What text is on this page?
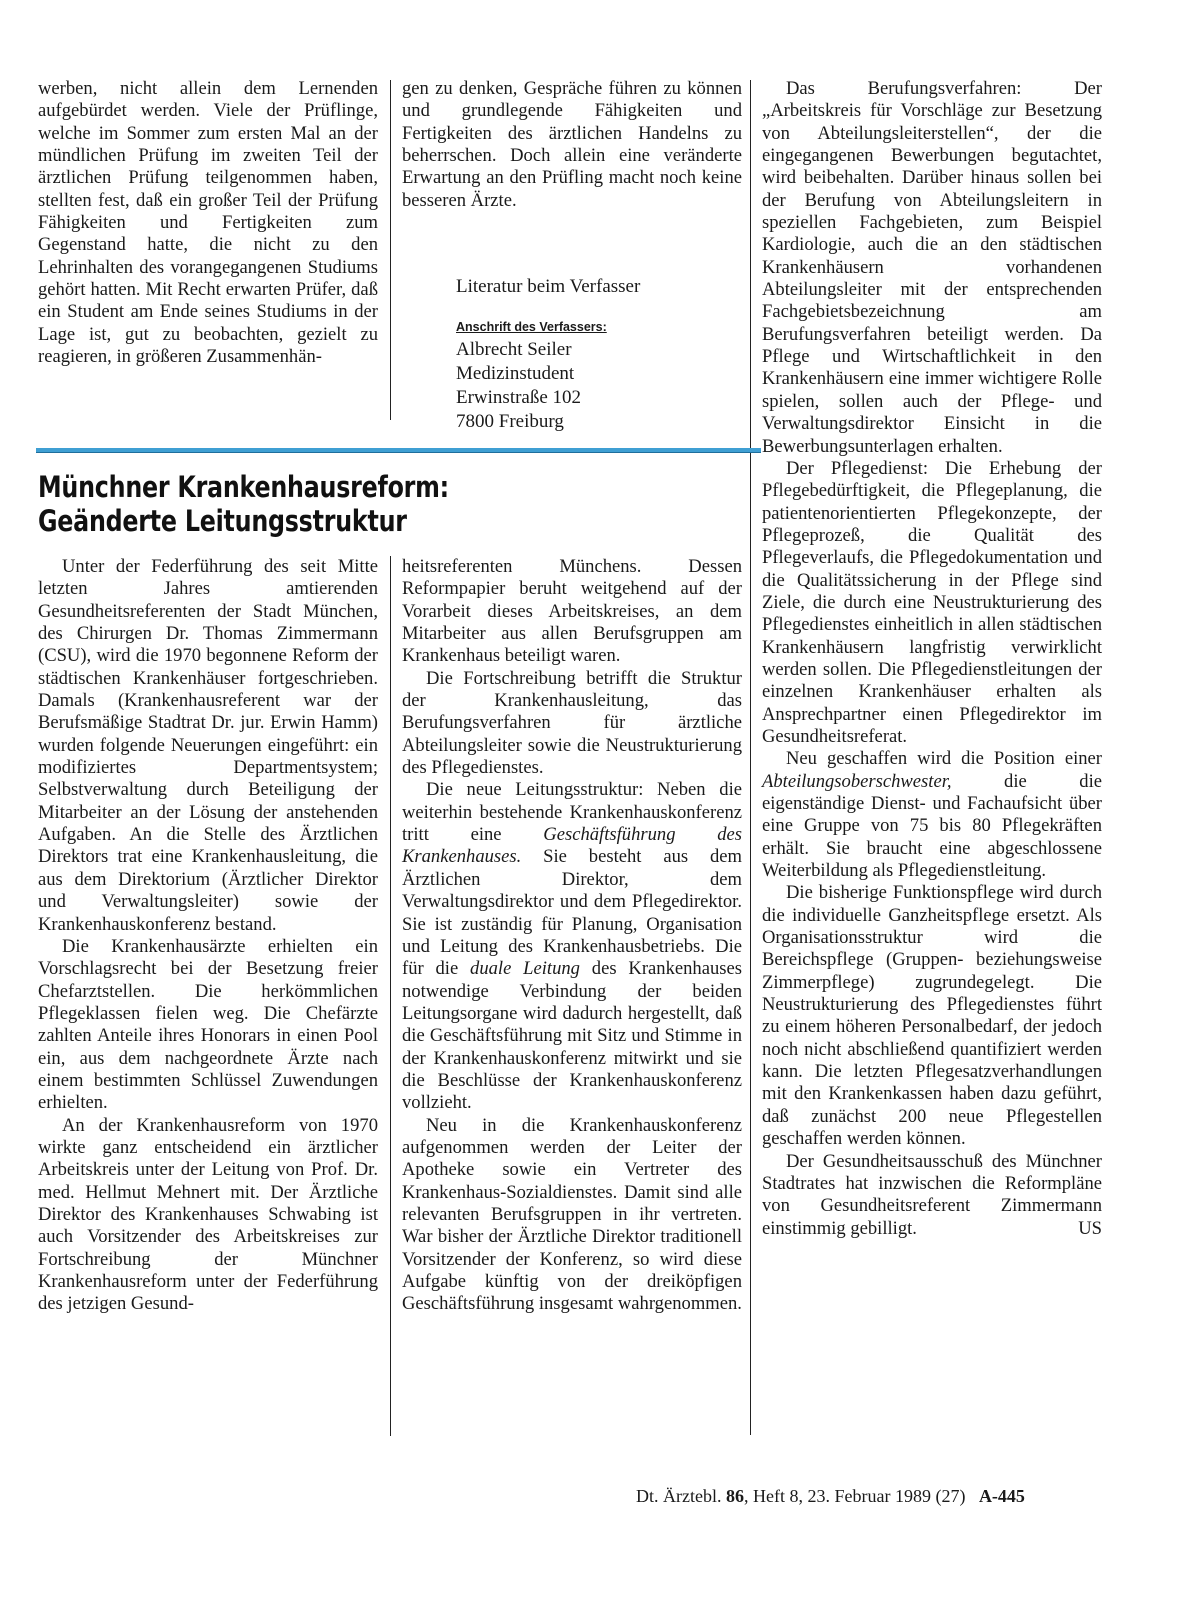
werben, nicht allein dem Lernenden aufgebürdet werden. Viele der Prüflinge, welche im Sommer zum ersten Mal an der mündlichen Prüfung im zweiten Teil der ärztlichen Prüfung teilgenommen haben, stellten fest, daß ein großer Teil der Prüfung Fähigkeiten und Fertigkeiten zum Gegenstand hatte, die nicht zu den Lehrinhalten des vorangegangenen Studiums gehört hatten. Mit Recht erwarten Prüfer, daß ein Student am Ende seines Studiums in der Lage ist, gut zu beobachten, gezielt zu reagieren, in größeren Zusammenhän-

gen zu denken, Gespräche führen zu können und grundlegende Fähigkeiten und Fertigkeiten des ärztlichen Handelns zu beherrschen. Doch allein eine veränderte Erwartung an den Prüfling macht noch keine besseren Ärzte.

Literatur beim Verfasser
Anschrift des Verfassers:
Albrecht Seiler
Medizinstudent
Erwinstraße 102
7800 Freiburg
Münchner Krankenhausreform:
Geänderte Leitungsstruktur

Unter der Federführung des seit Mitte letzten Jahres amtierenden Gesundheitsreferenten der Stadt München, des Chirurgen Dr. Thomas Zimmermann (CSU), wird die 1970 begonnene Reform der städtischen Krankenhäuser fortgeschrieben. Damals (Krankenhausreferent war der Berufsmäßige Stadtrat Dr. jur. Erwin Hamm) wurden folgende Neuerungen eingeführt: ein modifiziertes Departmentsystem; Selbstverwaltung durch Beteiligung der Mitarbeiter an der Lösung der anstehenden Aufgaben. An die Stelle des Ärztlichen Direktors trat eine Krankenhausleitung, die aus dem Direktorium (Ärztlicher Direktor und Verwaltungsleiter) sowie der Krankenhauskonferenz bestand.

Die Krankenhausärzte erhielten ein Vorschlagsrecht bei der Besetzung freier Chefarztstellen. Die herkömmlichen Pflegeklassen fielen weg. Die Chefärzte zahlten Anteile ihres Honorars in einen Pool ein, aus dem nachgeordnete Ärzte nach einem bestimmten Schlüssel Zuwendungen erhielten.

An der Krankenhausreform von 1970 wirkte ganz entscheidend ein ärztlicher Arbeitskreis unter der Leitung von Prof. Dr. med. Hellmut Mehnert mit. Der Ärztliche Direktor des Krankenhauses Schwabing ist auch Vorsitzender des Arbeitskreises zur Fortschreibung der Münchner Krankenhausreform unter der Federführung des jetzigen Gesund-

heitsreferenten Münchens. Dessen Reformpapier beruht weitgehend auf der Vorarbeit dieses Arbeitskreises, an dem Mitarbeiter aus allen Berufsgruppen am Krankenhaus beteiligt waren.

Die Fortschreibung betrifft die Struktur der Krankenhausleitung, das Berufungsverfahren für ärztliche Abteilungsleiter sowie die Neustrukturierung des Pflegedienstes.

Die neue Leitungsstruktur: Neben die weiterhin bestehende Krankenhauskonferenz tritt eine Geschäftsführung des Krankenhauses. Sie besteht aus dem Ärztlichen Direktor, dem Verwaltungsdirektor und dem Pflegedirektor. Sie ist zuständig für Planung, Organisation und Leitung des Krankenhausbetriebs. Die für die duale Leitung des Krankenhauses notwendige Verbindung der beiden Leitungsorgane wird dadurch hergestellt, daß die Geschäftsführung mit Sitz und Stimme in der Krankenhauskonferenz mitwirkt und sie die Beschlüsse der Krankenhauskonferenz vollzieht.

Neu in die Krankenhauskonferenz aufgenommen werden der Leiter der Apotheke sowie ein Vertreter des Krankenhaus-Sozialdienstes. Damit sind alle relevanten Berufsgruppen in ihr vertreten. War bisher der Ärztliche Direktor traditionell Vorsitzender der Konferenz, so wird diese Aufgabe künftig von der dreiköpfigen Geschäftsführung insgesamt wahrgenommen.

Das Berufungsverfahren: Der „Arbeitskreis für Vorschläge zur Besetzung von Abteilungsleiterstellen“, der die eingegangenen Bewerbungen begutachtet, wird beibehalten. Darüber hinaus sollen bei der Berufung von Abteilungsleitern in speziellen Fachgebieten, zum Beispiel Kardiologie, auch die an den städtischen Krankenhäusern vorhandenen Abteilungsleiter mit der entsprechenden Fachgebietsbezeichnung am Berufungsverfahren beteiligt werden. Da Pflege und Wirtschaftlichkeit in den Krankenhäusern eine immer wichtigere Rolle spielen, sollen auch der Pflege- und Verwaltungsdirektor Einsicht in die Bewerbungsunterlagen erhalten.

Der Pflegedienst: Die Erhebung der Pflegebedürftigkeit, die Pflegeplanung, die patientenorientierten Pflegekonzepte, der Pflegeprozeß, die Qualität des Pflegeverlaufs, die Pflegedokumentation und die Qualitätssicherung in der Pflege sind Ziele, die durch eine Neustrukturierung des Pflegedienstes einheitlich in allen städtischen Krankenhäusern langfristig verwirklicht werden sollen. Die Pflegedienstleitungen der einzelnen Krankenhäuser erhalten als Ansprechpartner einen Pflegedirektor im Gesundheitsreferat.

Neu geschaffen wird die Position einer Abteilungsoberschwester, die die eigenständige Dienst- und Fachaufsicht über eine Gruppe von 75 bis 80 Pflegekräften erhält. Sie braucht eine abgeschlossene Weiterbildung als Pflegedienstleitung.

Die bisherige Funktionspflege wird durch die individuelle Ganzheitspflege ersetzt. Als Organisationsstruktur wird die Bereichspflege (Gruppen- beziehungsweise Zimmerpflege) zugrundegelegt. Die Neustrukturierung des Pflegedienstes führt zu einem höheren Personalbedarf, der jedoch noch nicht abschließend quantifiziert werden kann. Die letzten Pflegesatzverhandlungen mit den Krankenkassen haben dazu geführt, daß zunächst 200 neue Pflegestellen geschaffen werden können.

Der Gesundheitsausschuß des Münchner Stadtrates hat inzwischen die Reformpläne von Gesundheitsreferent Zimmermann einstimmig gebilligt.	US

Dt. Ärztebl. 86, Heft 8, 23. Februar 1989 (27) A-445
